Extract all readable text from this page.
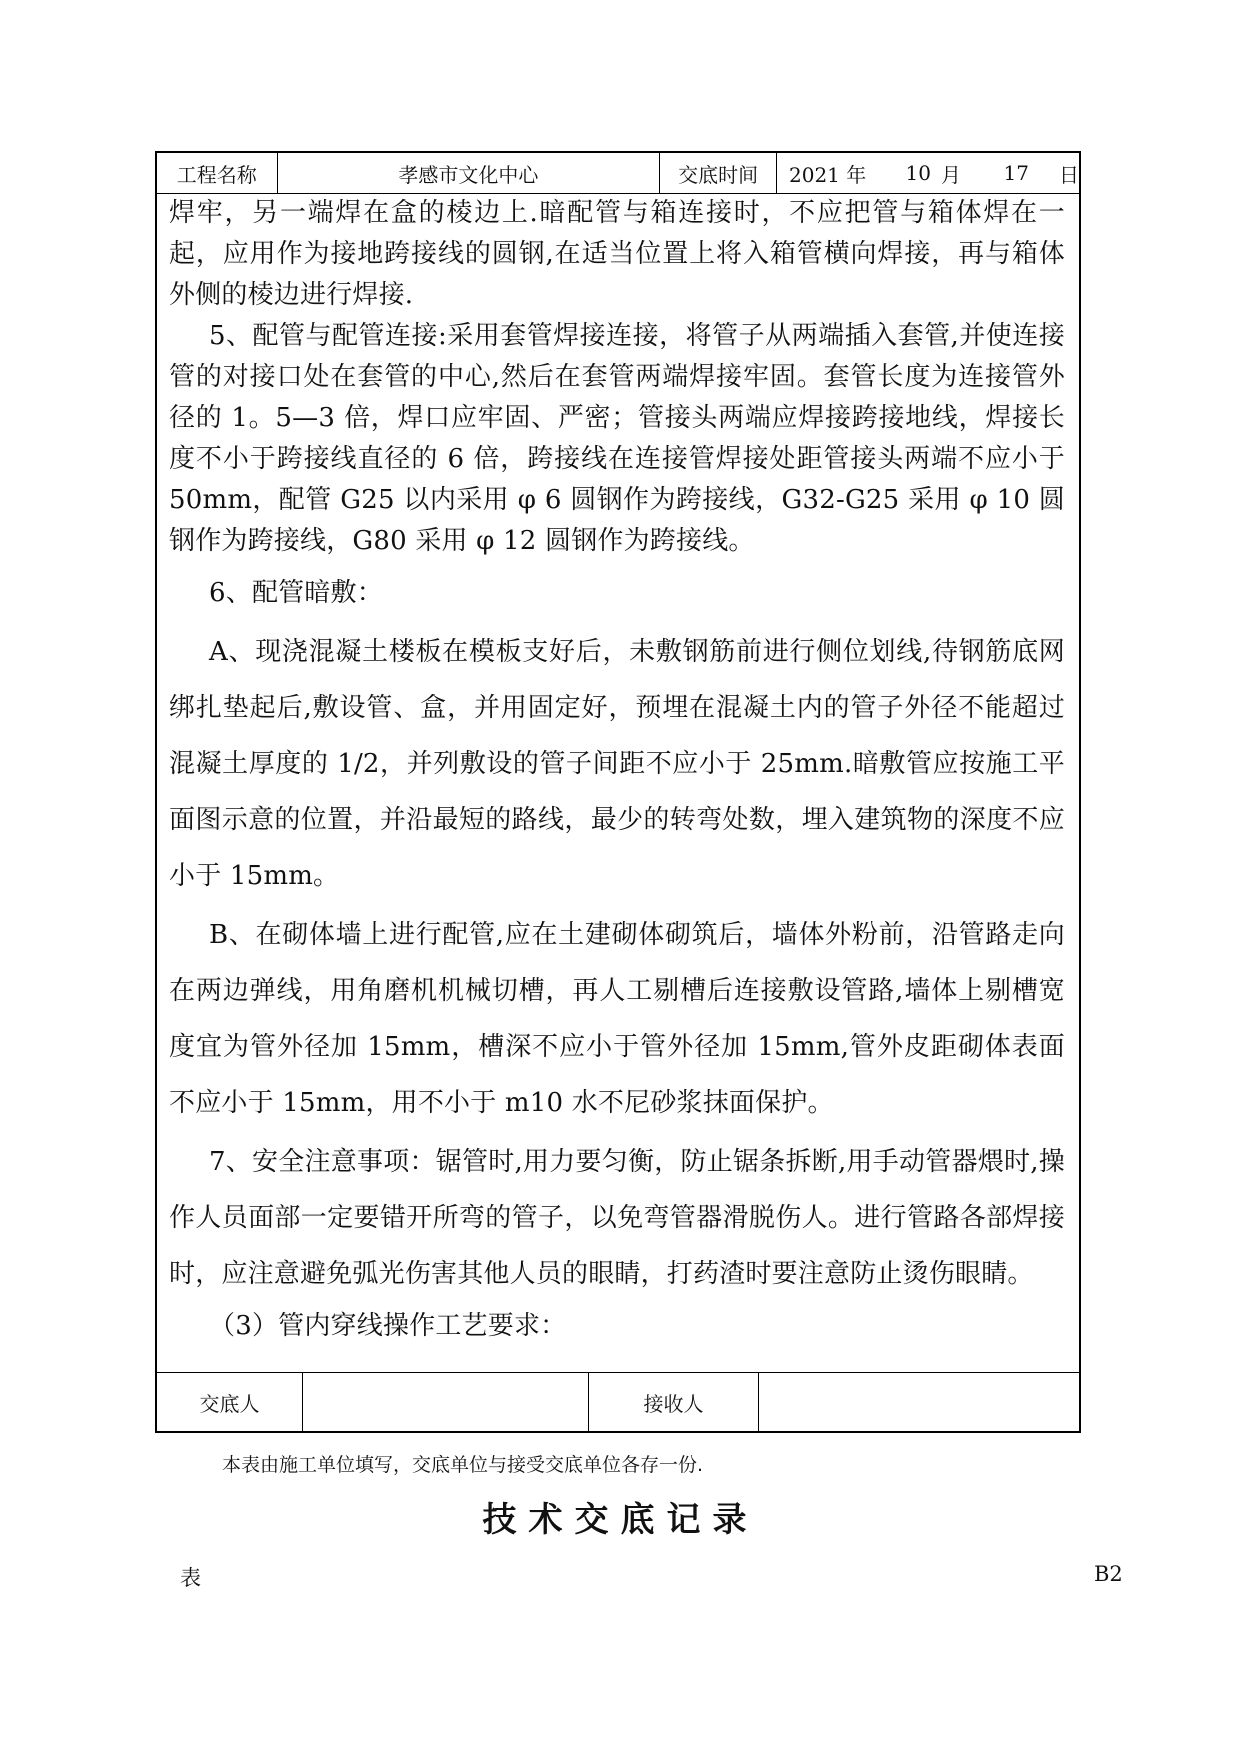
工程名称	孝感市文化中心	交底时间	2021 年	10 月	17	日

焊牢，另一端焊在盒的棱边上.暗配管与箱连接时，不应把管与箱体焊在一起，应用作为接地跨接线的圆钢,在适当位置上将入箱管横向焊接，再与箱体外侧的棱边进行焊接.

5、配管与配管连接:采用套管焊接连接，将管子从两端插入套管,并使连接管的对接口处在套管的中心,然后在套管两端焊接牢固。套管长度为连接管外径的 1。5—3 倍，焊口应牢固、严密；管接头两端应焊接跨接地线，焊接长度不小于跨接线直径的 6 倍，跨接线在连接管焊接处距管接头两端不应小于 50mm，配管 G25 以内采用 φ 6 圆钢作为跨接线，G32-G25 采用 φ 10 圆钢作为跨接线，G80 采用 φ 12 圆钢作为跨接线。

6、配管暗敷：

A、现浇混凝土楼板在模板支好后，未敷钢筋前进行侧位划线,待钢筋底网绑扎垫起后,敷设管、盒，并用固定好，预埋在混凝土内的管子外径不能超过混凝土厚度的 1/2，并列敷设的管子间距不应小于 25mm.暗敷管应按施工平面图示意的位置，并沿最短的路线，最少的转弯处数，埋入建筑物的深度不应小于 15mm。

B、在砌体墙上进行配管,应在土建砌体砌筑后，墙体外粉前，沿管路走向在两边弹线，用角磨机机械切槽，再人工剔槽后连接敷设管路,墙体上剔槽宽度宜为管外径加 15mm，槽深不应小于管外径加 15mm,管外皮距砌体表面不应小于 15mm，用不小于 m10 水不尼砂浆抹面保护。

7、安全注意事项：锯管时,用力要匀衡，防止锯条拆断,用手动管器煨时,操作人员面部一定要错开所弯的管子，以免弯管器滑脱伤人。进行管路各部焊接时，应注意避免弧光伤害其他人员的眼睛，打药渣时要注意防止烫伤眼睛。

（3）管内穿线操作工艺要求：

交底人	接收人
本表由施工单位填写，交底单位与接受交底单位各存一份.
技术交底记录
表	B2
